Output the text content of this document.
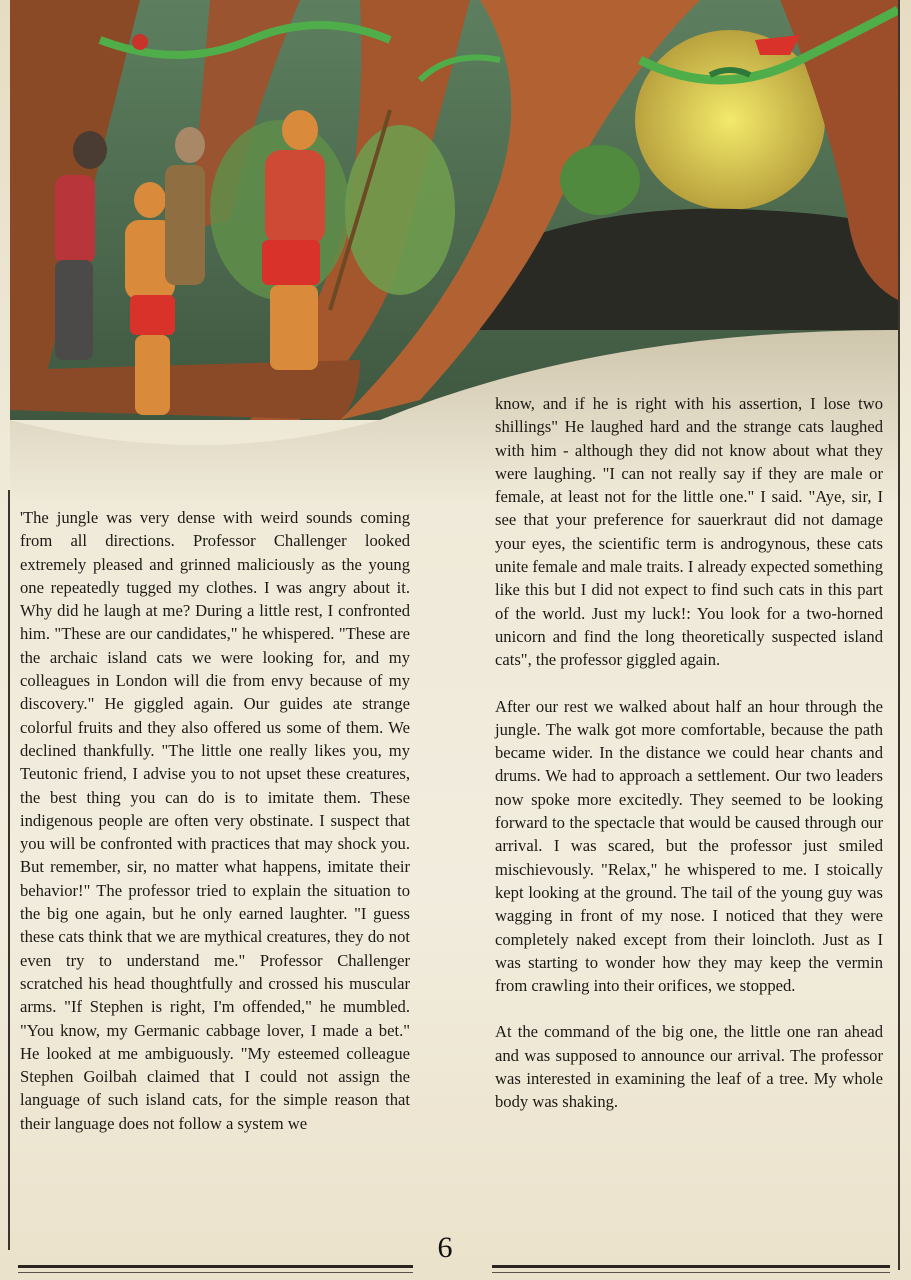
'The jungle was very dense with weird sounds coming from all directions. Professor Challenger looked extremely pleased and grinned maliciously as the young one repeatedly tugged my clothes. I was angry about it. Why did he laugh at me? During a little rest, I confronted him. "These are our candidates," he whispered. "These are the archaic island cats we were looking for, and my colleagues in London will die from envy because of my discovery." He giggled again. Our guides ate strange colorful fruits and they also offered us some of them. We declined thankfully. "The little one really likes you, my Teutonic friend, I advise you to not upset these creatures, the best thing you can do is to imitate them. These indigenous people are often very obstinate. I suspect that you will be confronted with practices that may shock you. But remember, sir, no matter what happens, imitate their behavior!" The professor tried to explain the situation to the big one again, but he only earned laughter. "I guess these cats think that we are mythical creatures, they do not even try to understand me." Professor Challenger scratched his head thoughtfully and crossed his muscular arms. "If Stephen is right, I'm offended," he mumbled. "You know, my Germanic cabbage lover, I made a bet." He looked at me ambiguously. "My esteemed colleague Stephen Goilbah claimed that I could not assign the language of such island cats, for the simple reason that their language does not follow a system we

know, and if he is right with his assertion, I lose two shillings" He laughed hard and the strange cats laughed with him - although they did not know about what they were laughing. "I can not really say if they are male or female, at least not for the little one." I said. "Aye, sir, I see that your preference for sauerkraut did not damage your eyes, the scientific term is androgynous, these cats unite female and male traits. I already expected something like this but I did not expect to find such cats in this part of the world. Just my luck!: You look for a two-horned unicorn and find the long theoretically suspected island cats", the professor giggled again.

After our rest we walked about half an hour through the jungle. The walk got more comfortable, because the path became wider. In the distance we could hear chants and drums. We had to approach a settlement. Our two leaders now spoke more excitedly. They seemed to be looking forward to the spectacle that would be caused through our arrival. I was scared, but the professor just smiled mischievously. "Relax," he whispered to me. I stoically kept looking at the ground. The tail of the young guy was wagging in front of my nose. I noticed that they were completely naked except from their loincloth. Just as I was starting to wonder how they may keep the vermin from crawling into their orifices, we stopped.

At the command of the big one, the little one ran ahead and was supposed to announce our arrival. The professor was interested in examining the leaf of a tree. My whole body was shaking.

6
